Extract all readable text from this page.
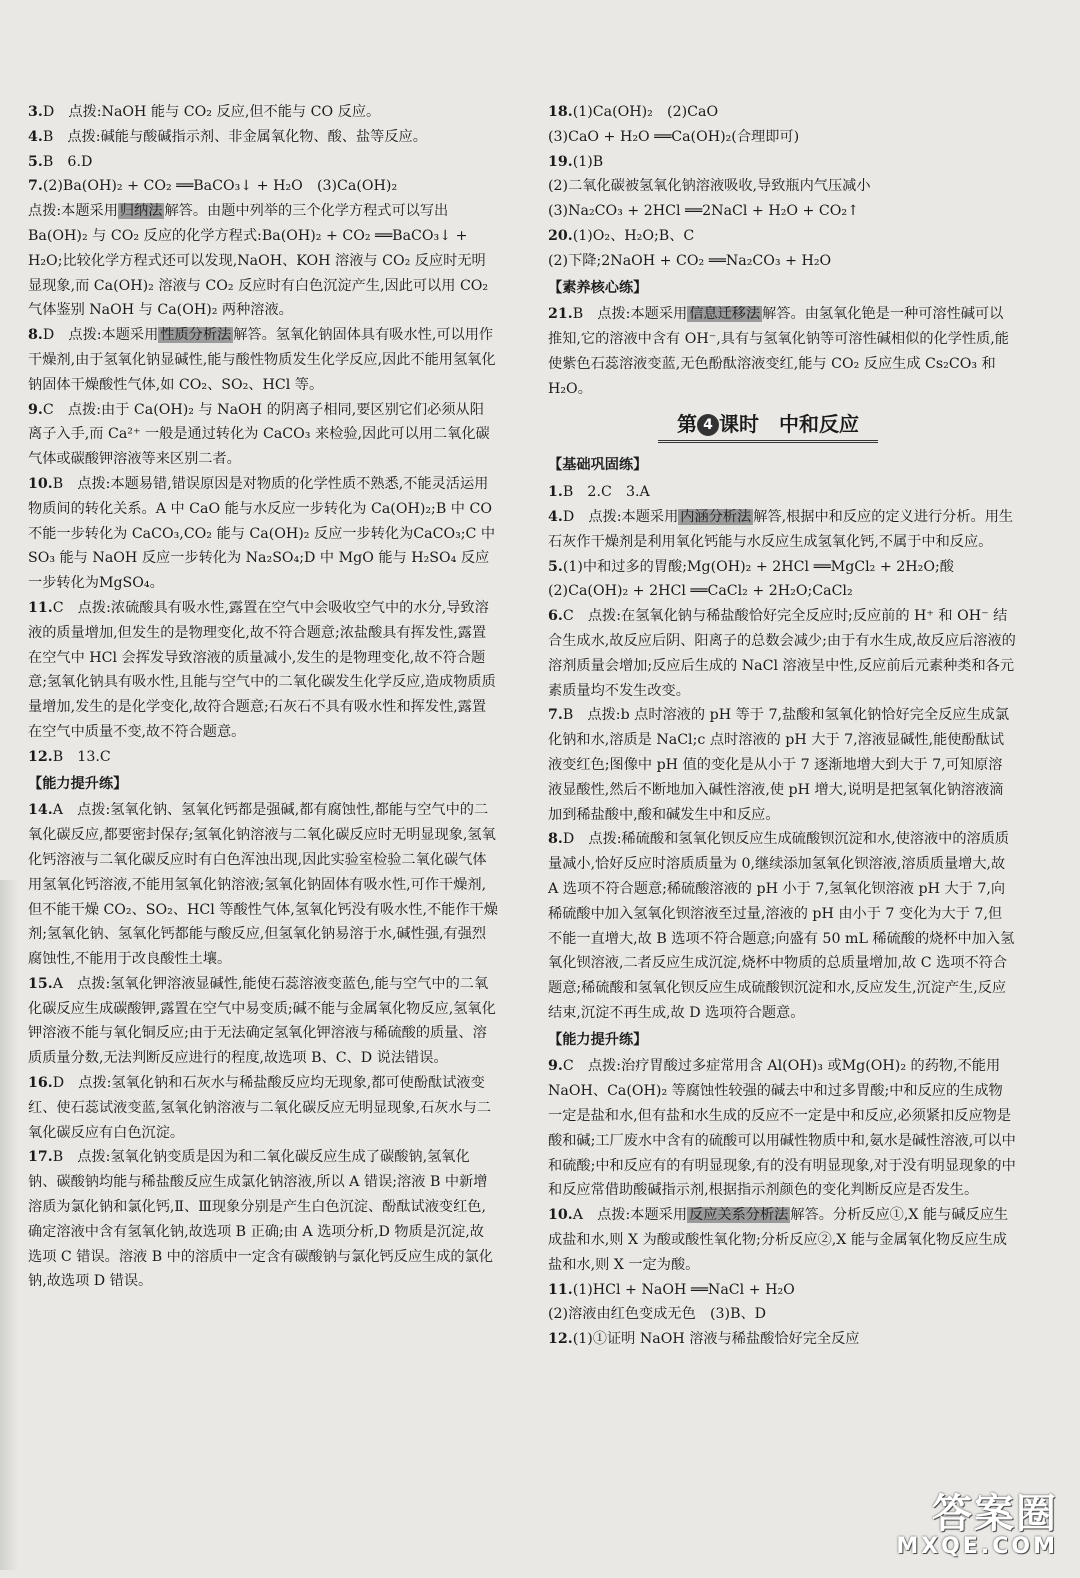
3.D　点拨:NaOH 能与 CO₂ 反应,但不能与 CO 反应。
4.B　点拨:碱能与酸碱指示剂、非金属氧化物、酸、盐等反应。
5.B　6.D
7.(2)Ba(OH)₂ + CO₂ ══BaCO₃↓ + H₂O　(3)Ca(OH)₂
点拨:本题采用 归纳法 解答。由题中列举的三个化学方程式可以写出 Ba(OH)₂ 与 CO₂ 反应的化学方程式:Ba(OH)₂ + CO₂ ══BaCO₃↓ + H₂O;比较化学方程式还可以发现,NaOH、KOH 溶液与 CO₂ 反应时无明显现象,而 Ca(OH)₂ 溶液与 CO₂ 反应时有白色沉淀产生,因此可以用 CO₂ 气体鉴别 NaOH 与 Ca(OH)₂ 两种溶液。
8.D　点拨:本题采用 性质分析法 解答。氢氧化钠固体具有吸水性,可以用作干燥剂,由于氢氧化钠显碱性,能与酸性物质发生化学反应,因此不能用氢氧化钠固体干燥酸性气体,如 CO₂、SO₂、HCl 等。
9.C　点拨:由于 Ca(OH)₂ 与 NaOH 的阴离子相同,要区别它们必须从阳离子入手,而 Ca²⁺ 一般是通过转化为 CaCO₃ 来检验,因此可以用二氧化碳气体或碳酸钾溶液等来区别二者。
10.B　点拨:本题易错,错误原因是对物质的化学性质不熟悉,不能灵活运用物质间的转化关系。A 中 CaO 能与水反应一步转化为 Ca(OH)₂;B 中 CO 不能一步转化为 CaCO₃,CO₂ 能与 Ca(OH)₂ 反应一步转化为CaCO₃;C 中 SO₃ 能与 NaOH 反应一步转化为 Na₂SO₄;D 中 MgO 能与 H₂SO₄ 反应一步转化为MgSO₄。
11.C　点拨:浓硫酸具有吸水性,露置在空气中会吸收空气中的水分,导致溶液的质量增加,但发生的是物理变化,故不符合题意;浓盐酸具有挥发性,露置在空气中 HCl 会挥发导致溶液的质量减小,发生的是物理变化,故不符合题意;氢氧化钠具有吸水性,且能与空气中的二氧化碳发生化学反应,造成物质质量增加,发生的是化学变化,故符合题意;石灰石不具有吸水性和挥发性,露置在空气中质量不变,故不符合题意。
12.B　13.C
【能力提升练】
14.A　点拨:氢氧化钠、氢氧化钙都是强碱,都有腐蚀性,都能与空气中的二氧化碳反应,都要密封保存;氢氧化钠溶液与二氧化碳反应时无明显现象,氢氧化钙溶液与二氧化碳反应时有白色浑浊出现,因此实验室检验二氧化碳气体用氢氧化钙溶液,不能用氢氧化钠溶液;氢氧化钠固体有吸水性,可作干燥剂,但不能干燥 CO₂、SO₂、HCl 等酸性气体,氢氧化钙没有吸水性,不能作干燥剂;氢氧化钠、氢氧化钙都能与酸反应,但氢氧化钠易溶于水,碱性强,有强烈腐蚀性,不能用于改良酸性土壤。
15.A　点拨:氢氧化钾溶液显碱性,能使石蕊溶液变蓝色,能与空气中的二氧化碳反应生成碳酸钾,露置在空气中易变质;碱不能与金属氧化物反应,氢氧化钾溶液不能与氧化铜反应;由于无法确定氢氧化钾溶液与稀硫酸的质量、溶质质量分数,无法判断反应进行的程度,故选项 B、C、D 说法错误。
16.D　点拨:氢氧化钠和石灰水与稀盐酸反应均无现象,都可使酚酞试液变红、使石蕊试液变蓝,氢氧化钠溶液与二氧化碳反应无明显现象,石灰水与二氧化碳反应有白色沉淀。
17.B　点拨:氢氧化钠变质是因为和二氧化碳反应生成了碳酸钠,氢氧化钠、碳酸钠均能与稀盐酸反应生成氯化钠溶液,所以 A 错误;溶液 B 中新增溶质为氯化钠和氯化钙,Ⅱ、Ⅲ现象分别是产生白色沉淀、酚酞试液变红色,确定溶液中含有氢氧化钠,故选项 B 正确;由 A 选项分析,D 物质是沉淀,故选项 C 错误。溶液 B 中的溶质中一定含有碳酸钠与氯化钙反应生成的氯化钠,故选项 D 错误。
18.(1)Ca(OH)₂　(2)CaO
(3)CaO + H₂O ══Ca(OH)₂(合理即可)
19.(1)B
(2)二氧化碳被氢氧化钠溶液吸收,导致瓶内气压减小
(3)Na₂CO₃ + 2HCl ══2NaCl + H₂O + CO₂↑
20.(1)O₂、H₂O;B、C
(2)下降;2NaOH + CO₂ ══Na₂CO₃ + H₂O
【素养核心练】
21.B　点拨:本题采用 信息迁移法 解答。由氢氧化铯是一种可溶性碱可以推知,它的溶液中含有 OH⁻,具有与氢氧化钠等可溶性碱相似的化学性质,能使紫色石蕊溶液变蓝,无色酚酞溶液变红,能与 CO₂ 反应生成 Cs₂CO₃ 和 H₂O。
第 4 课时　中和反应
【基础巩固练】
1.B　2.C　3.A
4.D　点拨:本题采用 内涵分析法 解答,根据中和反应的定义进行分析。用生石灰作干燥剂是利用氧化钙能与水反应生成氢氧化钙,不属于中和反应。
5.(1)中和过多的胃酸;Mg(OH)₂ + 2HCl ══MgCl₂ + 2H₂O;酸
(2)Ca(OH)₂ + 2HCl ══CaCl₂ + 2H₂O;CaCl₂
6.C　点拨:在氢氧化钠与稀盐酸恰好完全反应时;反应前的 H⁺ 和 OH⁻ 结合生成水,故反应后阴、阳离子的总数会减少;由于有水生成,故反应后溶液的溶剂质量会增加;反应后生成的 NaCl 溶液呈中性,反应前后元素种类和各元素质量均不发生改变。
7.B　点拨:b 点时溶液的 pH 等于 7,盐酸和氢氧化钠恰好完全反应生成氯化钠和水,溶质是 NaCl;c 点时溶液的 pH 大于 7,溶液显碱性,能使酚酞试液变红色;图像中 pH 值的变化是从小于 7 逐渐地增大到大于 7,可知原溶液显酸性,然后不断地加入碱性溶液,使 pH 增大,说明是把氢氧化钠溶液滴加到稀盐酸中,酸和碱发生中和反应。
8.D　点拨:稀硫酸和氢氧化钡反应生成硫酸钡沉淀和水,使溶液中的溶质质量减小,恰好反应时溶质质量为 0,继续添加氢氧化钡溶液,溶质质量增大,故 A 选项不符合题意;稀硫酸溶液的 pH 小于 7,氢氧化钡溶液 pH 大于 7,向稀硫酸中加入氢氧化钡溶液至过量,溶液的 pH 由小于 7 变化为大于 7,但不能一直增大,故 B 选项不符合题意;向盛有 50 mL 稀硫酸的烧杯中加入氢氧化钡溶液,二者反应生成沉淀,烧杯中物质的总质量增加,故 C 选项不符合题意;稀硫酸和氢氧化钡反应生成硫酸钡沉淀和水,反应发生,沉淀产生,反应结束,沉淀不再生成,故 D 选项符合题意。
【能力提升练】
9.C　点拨:治疗胃酸过多症常用含 Al(OH)₃ 或Mg(OH)₂ 的药物,不能用 NaOH、Ca(OH)₂ 等腐蚀性较强的碱去中和过多胃酸;中和反应的生成物一定是盐和水,但有盐和水生成的反应不一定是中和反应,必须紧扣反应物是酸和碱;工厂废水中含有的硫酸可以用碱性物质中和,氨水是碱性溶液,可以中和硫酸;中和反应有的有明显现象,有的没有明显现象,对于没有明显现象的中和反应常借助酸碱指示剂,根据指示剂颜色的变化判断反应是否发生。
10.A　点拨:本题采用 反应关系分析法 解答。分析反应①,X 能与碱反应生成盐和水,则 X 为酸或酸性氧化物;分析反应②,X 能与金属氧化物反应生成盐和水,则 X 一定为酸。
11.(1)HCl + NaOH ══NaCl + H₂O
(2)溶液由红色变成无色　(3)B、D
12.(1)①证明 NaOH 溶液与稀盐酸恰好完全反应
答案圈
MXQE.COM
